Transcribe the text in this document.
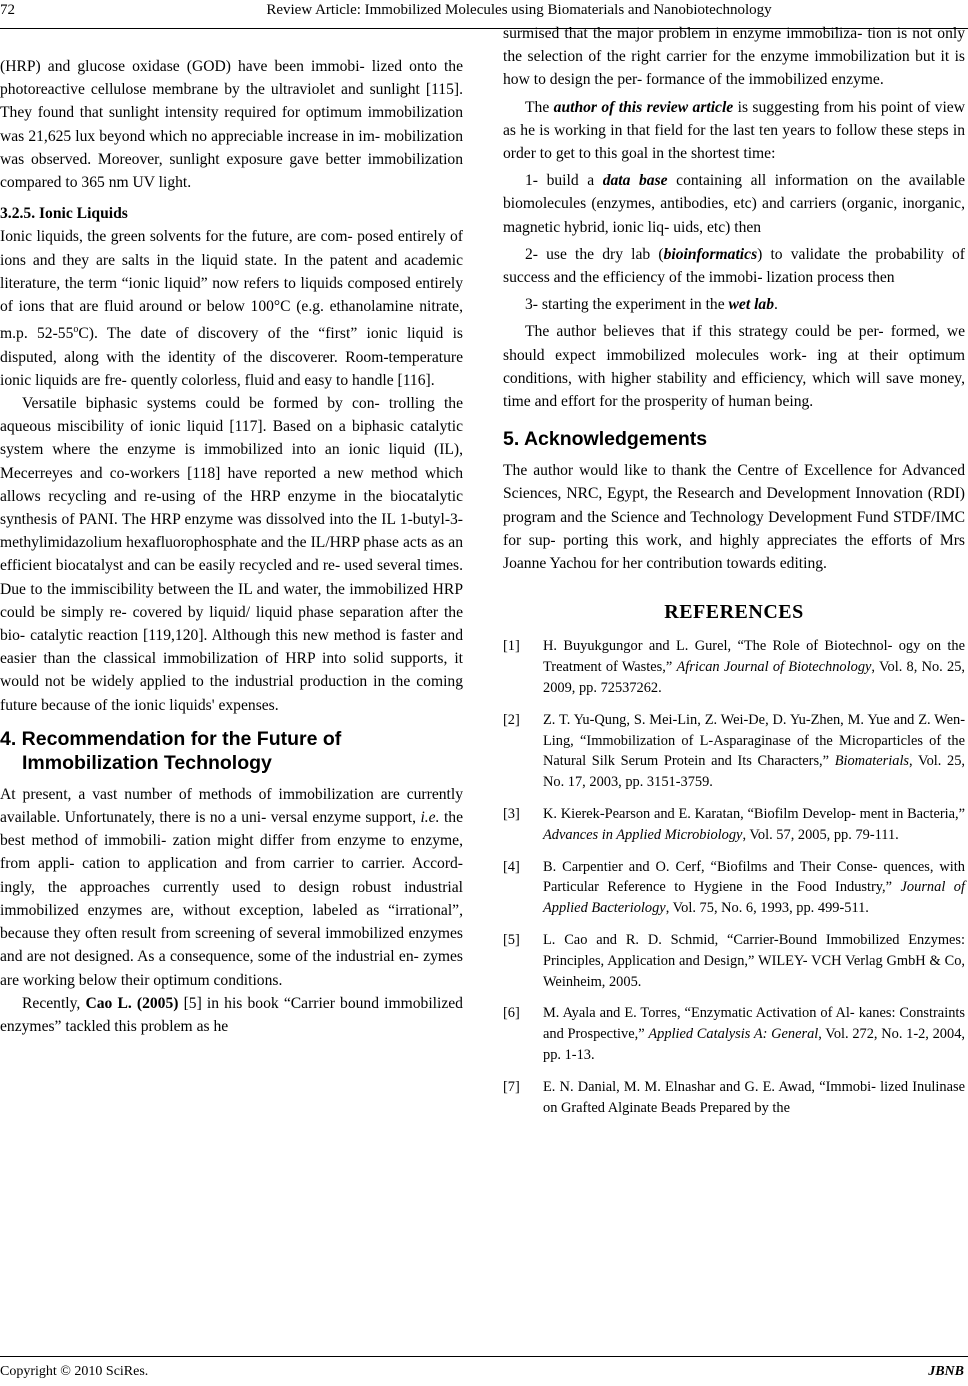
72	Review Article: Immobilized Molecules using Biomaterials and Nanobiotechnology

(HRP) and glucose oxidase (GOD) have been immobi- lized onto the photoreactive cellulose membrane by the ultraviolet and sunlight [115]. They found that sunlight intensity required for optimum immobilization was 21,625 lux beyond which no appreciable increase in im- mobilization was observed. Moreover, sunlight exposure gave better immobilization compared to 365 nm UV light.

3.2.5. Ionic Liquids

Ionic liquids, the green solvents for the future, are com- posed entirely of ions and they are salts in the liquid state. In the patent and academic literature, the term “ionic liquid” now refers to liquids composed entirely of ions that are fluid around or below 100°C (e.g. ethanolamine nitrate, m.p. 52-55$^o$C). The date of discovery of the “first” ionic liquid is disputed, along with the identity of the discoverer. Room-temperature ionic liquids are fre- quently colorless, fluid and easy to handle [116].

Versatile biphasic systems could be formed by con- trolling the aqueous miscibility of ionic liquid [117]. Based on a biphasic catalytic system where the enzyme is immobilized into an ionic liquid (IL), Mecerreyes and co-workers [118] have reported a new method which allows recycling and re-using of the HRP enzyme in the biocatalytic synthesis of PANI. The HRP enzyme was dissolved into the IL 1-butyl-3-methylimidazolium hexafluorophosphate and the IL/HRP phase acts as an efficient biocatalyst and can be easily recycled and re- used several times. Due to the immiscibility between the IL and water, the immobilized HRP could be simply re- covered by liquid/ liquid phase separation after the bio- catalytic reaction [119,120]. Although this new method is faster and easier than the classical immobilization of HRP into solid supports, it would not be widely applied to the industrial production in the coming future because of the ionic liquids' expenses.

4. Recommendation for the Future of
Immobilization Technology

At present, a vast number of methods of immobilization are currently available. Unfortunately, there is no a uni- versal enzyme support, i.e. the best method of immobili- zation might differ from enzyme to enzyme, from appli- cation to application and from carrier to carrier. Accord- ingly, the approaches currently used to design robust industrial immobilized enzymes are, without exception, labeled as “irrational”, because they often result from screening of several immobilized enzymes and are not designed. As a consequence, some of the industrial en- zymes are working below their optimum conditions.

Recently, Cao L. (2005) [5] in his book “Carrier bound immobilized enzymes” tackled this problem as he

surmised that the major problem in enzyme immobiliza- tion is not only the selection of the right carrier for the enzyme immobilization but it is how to design the per- formance of the immobilized enzyme.

The author of this review article is suggesting from his point of view as he is working in that field for the last ten years to follow these steps in order to get to this goal in the shortest time:

1- build a data base containing all information on the available biomolecules (enzymes, antibodies, etc) and carriers (organic, inorganic, magnetic hybrid, ionic liq- uids, etc) then

2- use the dry lab (bioinformatics) to validate the probability of success and the efficiency of the immobi- lization process then

3- starting the experiment in the wet lab.

The author believes that if this strategy could be per- formed, we should expect immobilized molecules work- ing at their optimum conditions, with higher stability and efficiency, which will save money, time and effort for the prosperity of human being.

5. Acknowledgements

The author would like to thank the Centre of Excellence for Advanced Sciences, NRC, Egypt, the Research and Development Innovation (RDI) program and the Science and Technology Development Fund STDF/IMC for sup- porting this work, and highly appreciates the efforts of Mrs Joanne Yachou for her contribution towards editing.

REFERENCES
[1]	H. Buyukgungor and L. Gurel, “The Role of Biotechnol- ogy on the Treatment of Wastes,” African Journal of Biotechnology, Vol. 8, No. 25, 2009, pp. 72537262.
[2]	Z. T. Yu-Qung, S. Mei-Lin, Z. Wei-De, D. Yu-Zhen, M. Yue and Z. Wen-Ling, “Immobilization of L-Asparaginase of the Microparticles of the Natural Silk Serum Protein and Its Characters,” Biomaterials, Vol. 25, No. 17, 2003, pp. 3151-3759.
[3]	K. Kierek-Pearson and E. Karatan, “Biofilm Develop- ment in Bacteria,” Advances in Applied Microbiology, Vol. 57, 2005, pp. 79-111.
[4]	B. Carpentier and O. Cerf, “Biofilms and Their Conse- quences, with Particular Reference to Hygiene in the Food Industry,” Journal of Applied Bacteriology, Vol. 75, No. 6, 1993, pp. 499-511.
[5]	L. Cao and R. D. Schmid, “Carrier-Bound Immobilized Enzymes: Principles, Application and Design,” WILEY- VCH Verlag GmbH & Co, Weinheim, 2005.
[6]	M. Ayala and E. Torres, “Enzymatic Activation of Al- kanes: Constraints and Prospective,” Applied Catalysis A: General, Vol. 272, No. 1-2, 2004, pp. 1-13.
[7]	E. N. Danial, M. M. Elnashar and G. E. Awad, “Immobi- lized Inulinase on Grafted Alginate Beads Prepared by the
Copyright © 2010 SciRes.	JBNB
